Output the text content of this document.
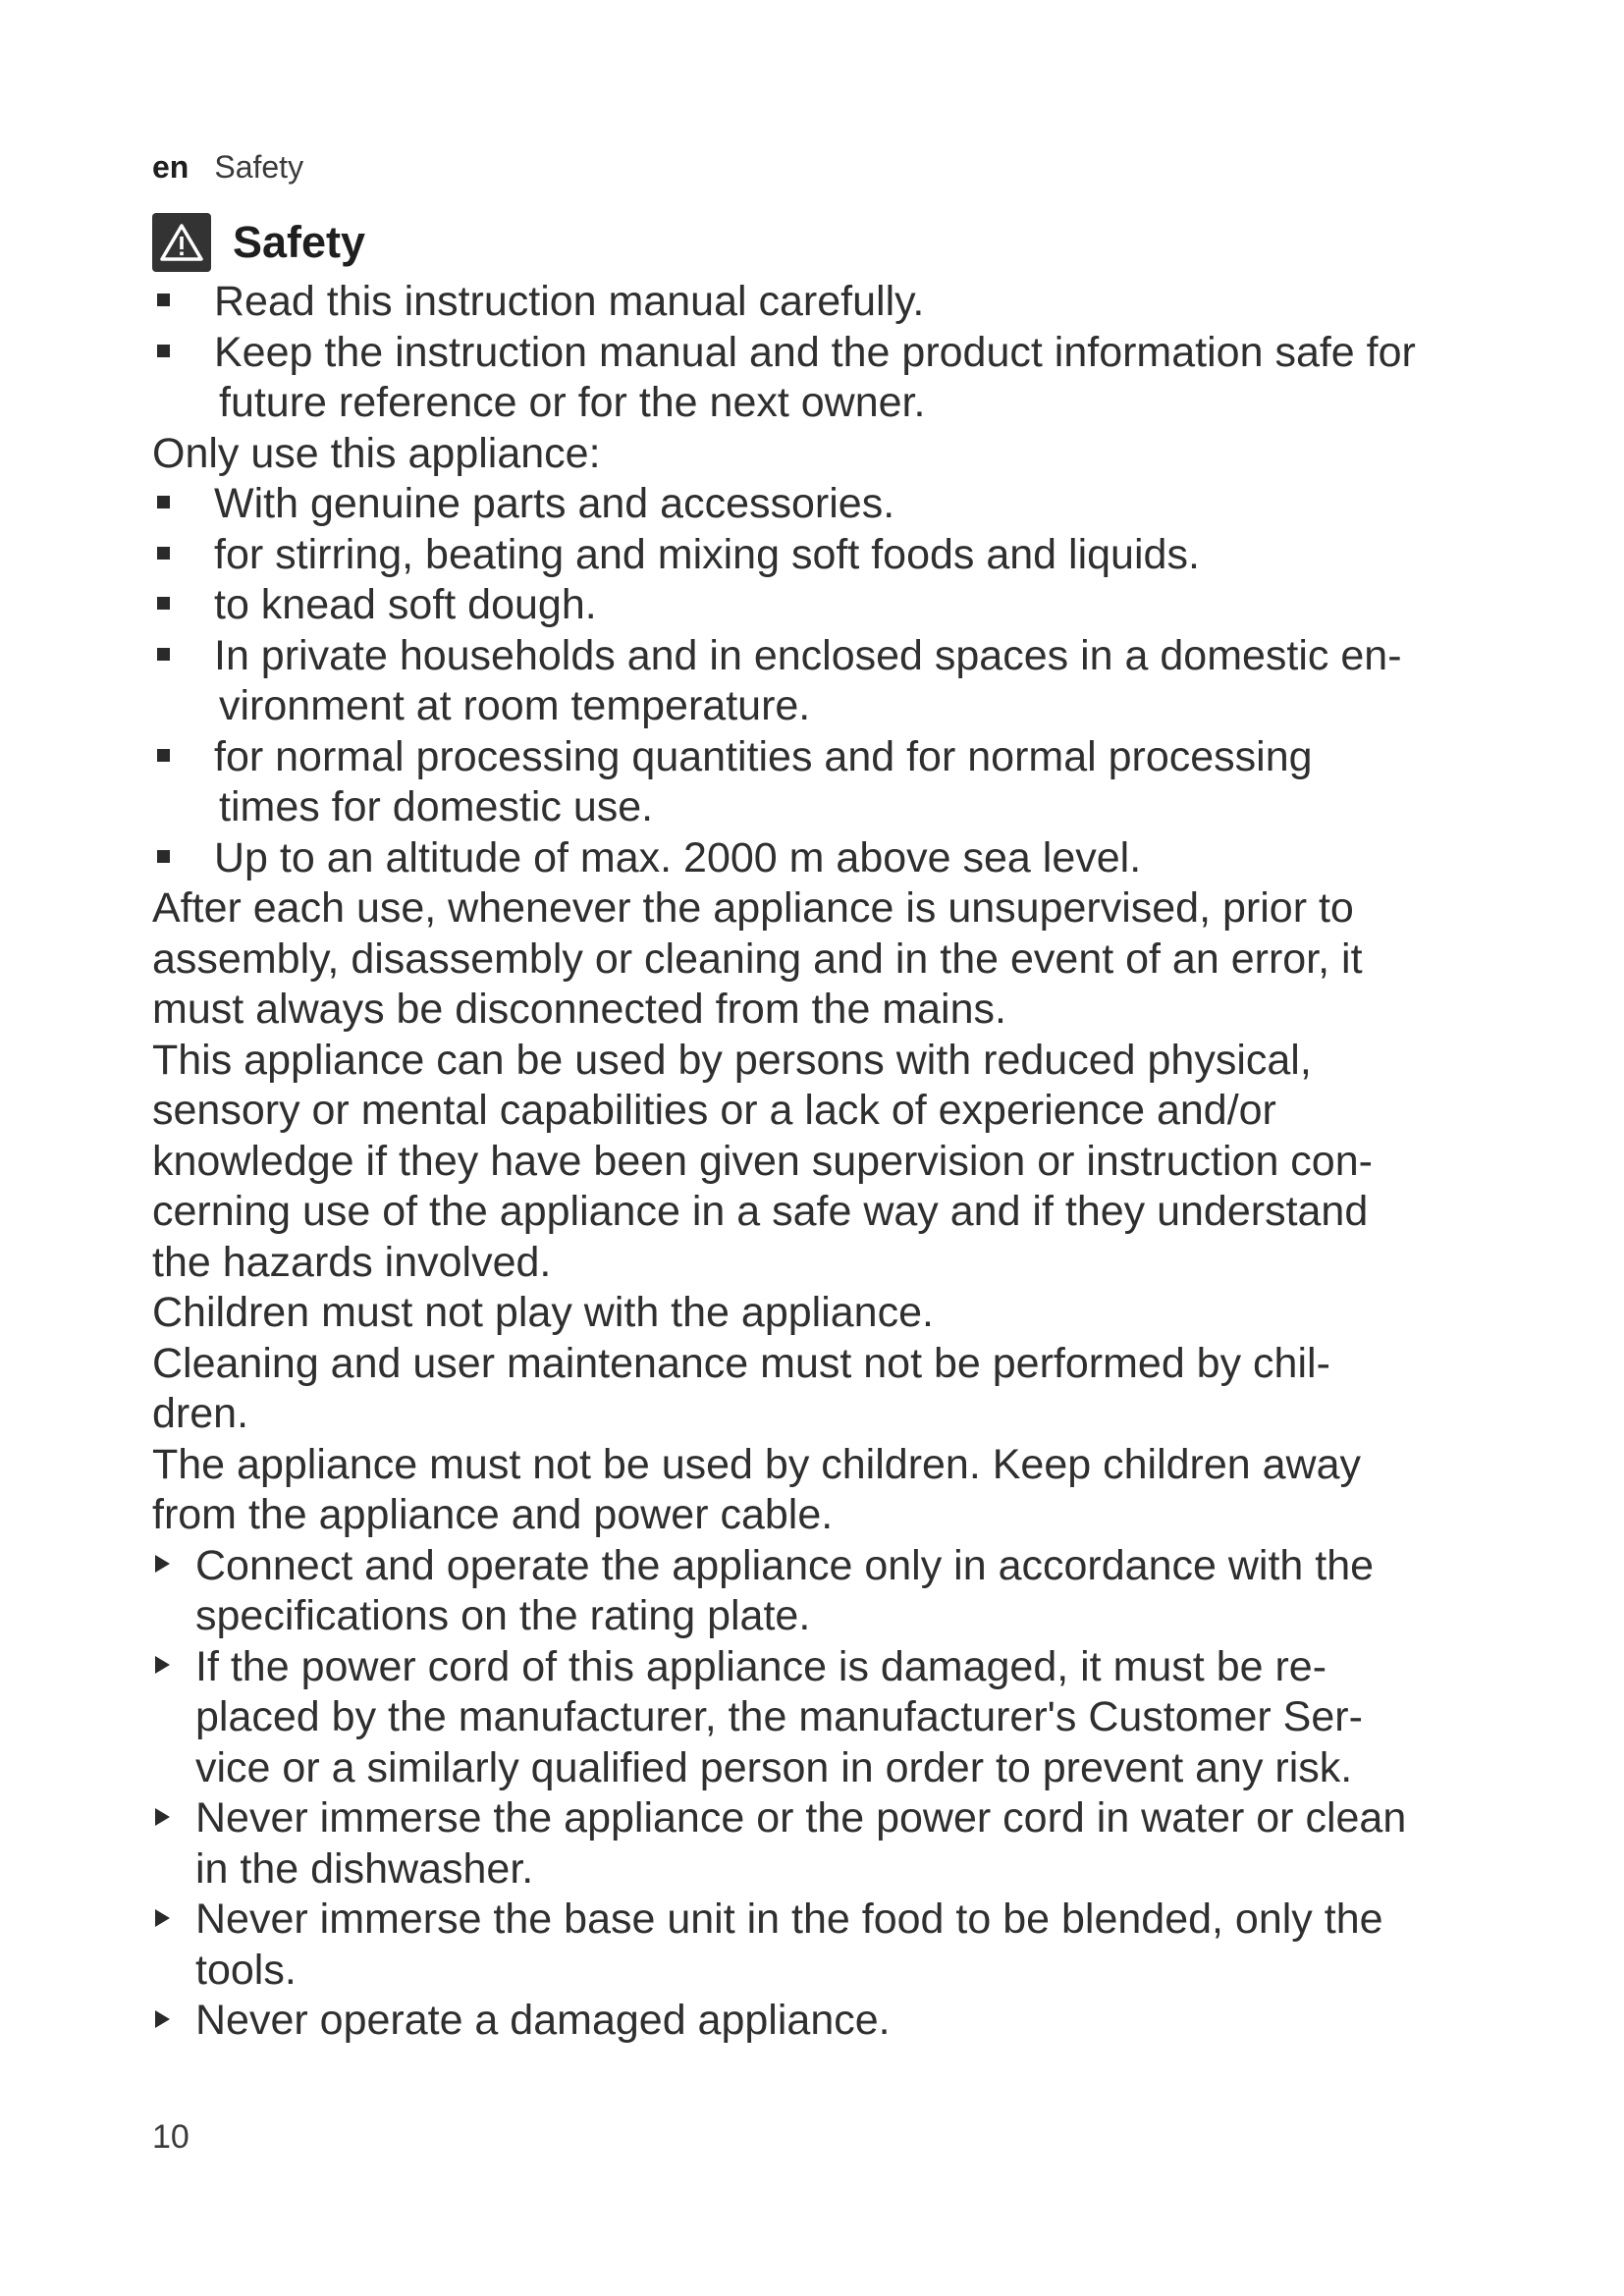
en Safety
Safety
Read this instruction manual carefully.
Keep the instruction manual and the product information safe for
future reference or for the next owner.
Only use this appliance:
With genuine parts and accessories.
for stirring, beating and mixing soft foods and liquids.
to knead soft dough.
In private households and in enclosed spaces in a domestic en-
vironment at room temperature.
for normal processing quantities and for normal processing
times for domestic use.
Up to an altitude of max. 2000 m above sea level.
After each use, whenever the appliance is unsupervised, prior to
assembly, disassembly or cleaning and in the event of an error, it
must always be disconnected from the mains.
This appliance can be used by persons with reduced physical,
sensory or mental capabilities or a lack of experience and/or
knowledge if they have been given supervision or instruction con-
cerning use of the appliance in a safe way and if they understand
the hazards involved.
Children must not play with the appliance.
Cleaning and user maintenance must not be performed by chil-
dren.
The appliance must not be used by children. Keep children away
from the appliance and power cable.
Connect and operate the appliance only in accordance with the
specifications on the rating plate.
If the power cord of this appliance is damaged, it must be re-
placed by the manufacturer, the manufacturer's Customer Ser-
vice or a similarly qualified person in order to prevent any risk.
Never immerse the appliance or the power cord in water or clean
in the dishwasher.
Never immerse the base unit in the food to be blended, only the
tools.
Never operate a damaged appliance.
10
